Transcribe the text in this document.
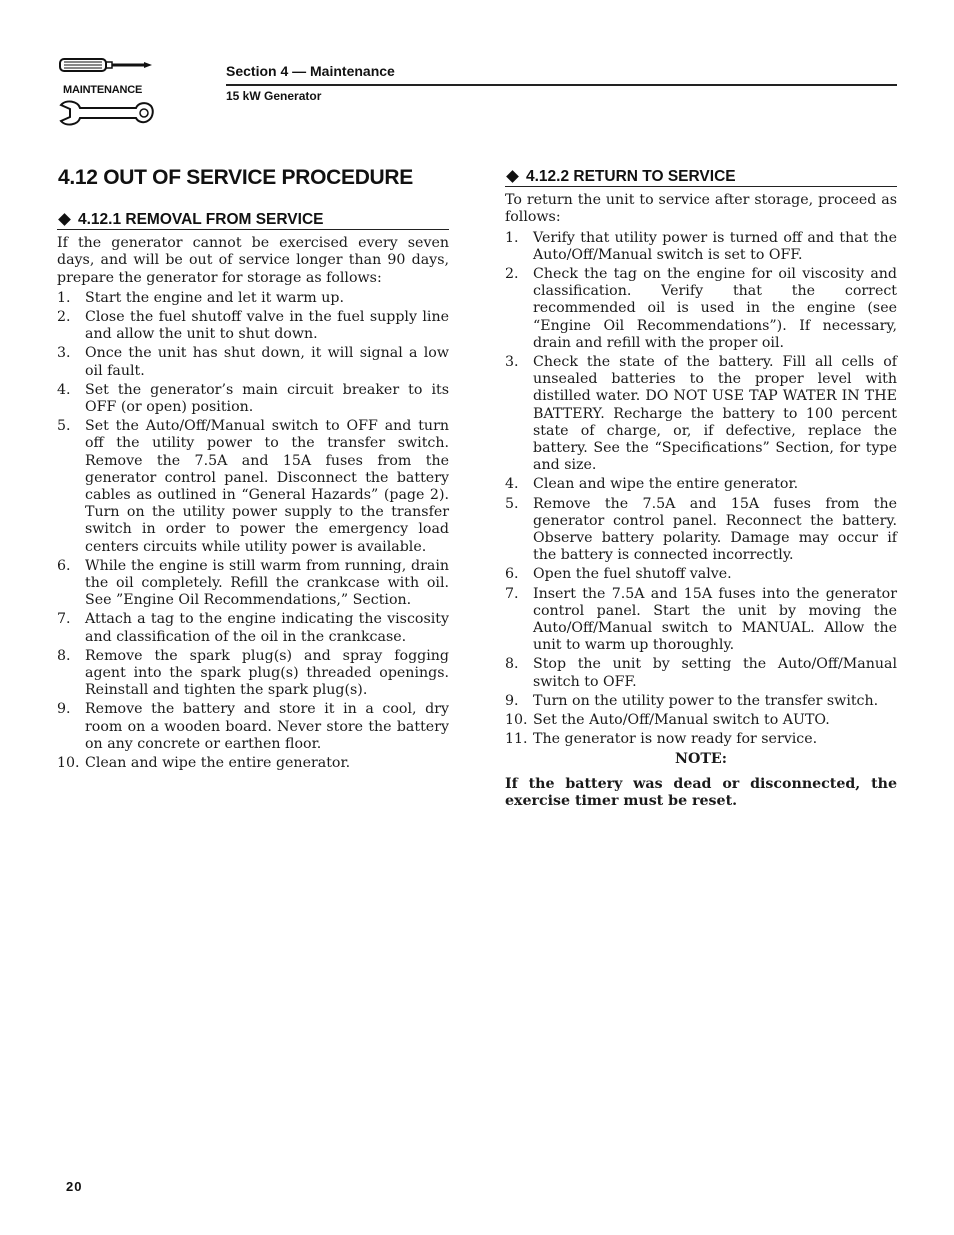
MAINTENANCE
Section 4 — Maintenance
15 kW Generator
4.12 OUT OF SERVICE PROCEDURE
4.12.1 REMOVAL FROM SERVICE

If the generator cannot be exercised every seven days, and will be out of service longer than 90 days, prepare the generator for storage as follows:

1. Start the engine and let it warm up.
2. Close the fuel shutoff valve in the fuel supply line and allow the unit to shut down.
3. Once the unit has shut down, it will signal a low oil fault.
4. Set the generator’s main circuit breaker to its OFF (or open) position.
5. Set the Auto/Off/Manual switch to OFF and turn off the utility power to the transfer switch. Remove the 7.5A and 15A fuses from the generator control panel. Disconnect the battery cables as outlined in “General Hazards” (page 2). Turn on the utility power supply to the transfer switch in order to power the emergency load centers circuits while utility power is available.
6. While the engine is still warm from running, drain the oil completely. Refill the crankcase with oil. See ”Engine Oil Recommendations,” Section.
7. Attach a tag to the engine indicating the viscosity and classification of the oil in the crankcase.
8. Remove the spark plug(s) and spray fogging agent into the spark plug(s) threaded openings. Reinstall and tighten the spark plug(s).
9. Remove the battery and store it in a cool, dry room on a wooden board. Never store the battery on any concrete or earthen floor.
10. Clean and wipe the entire generator.
4.12.2 RETURN TO SERVICE

To return the unit to service after storage, proceed as follows:

1. Verify that utility power is turned off and that the Auto/Off/Manual switch is set to OFF.
2. Check the tag on the engine for oil viscosity and classification. Verify that the correct recommended oil is used in the engine (see “Engine Oil Recommendations”). If necessary, drain and refill with the proper oil.
3. Check the state of the battery. Fill all cells of unsealed batteries to the proper level with distilled water. DO NOT USE TAP WATER IN THE BATTERY. Recharge the battery to 100 percent state of charge, or, if defective, replace the battery. See the “Specifications” Section, for type and size.
4. Clean and wipe the entire generator.
5. Remove the 7.5A and 15A fuses from the generator control panel. Reconnect the battery. Observe battery polarity. Damage may occur if the battery is connected incorrectly.
6. Open the fuel shutoff valve.
7. Insert the 7.5A and 15A fuses into the generator control panel. Start the unit by moving the Auto/Off/Manual switch to MANUAL. Allow the unit to warm up thoroughly.
8. Stop the unit by setting the Auto/Off/Manual switch to OFF.
9. Turn on the utility power to the transfer switch.
10. Set the Auto/Off/Manual switch to AUTO.
11. The generator is now ready for service.

NOTE:

If the battery was dead or disconnected, the exercise timer must be reset.

20
